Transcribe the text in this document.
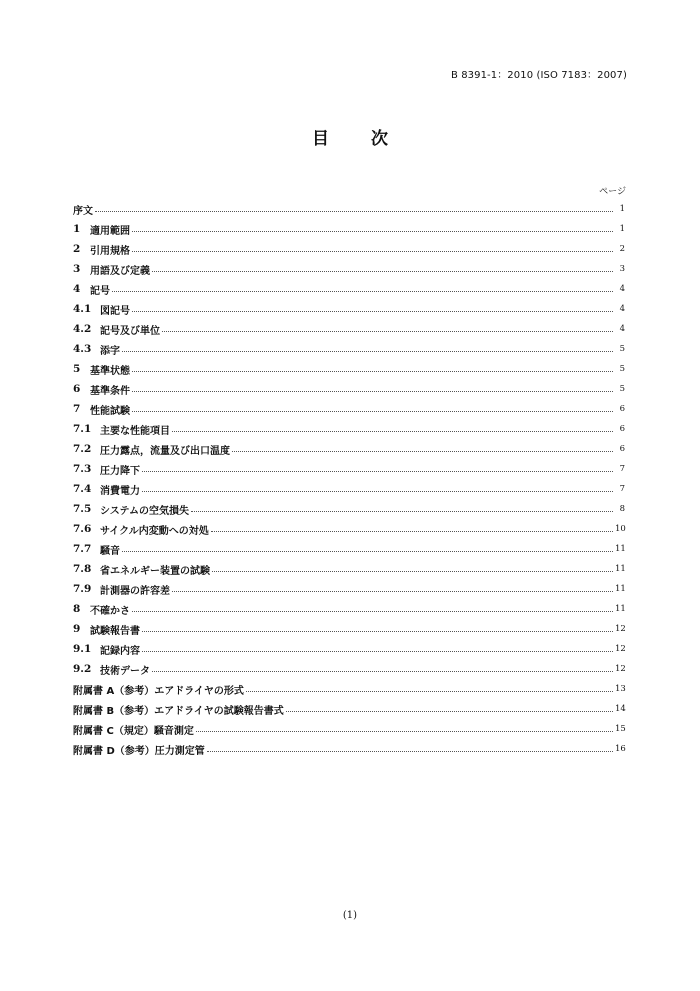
B 8391-1：2010 (ISO 7183：2007)
目 次
ページ
序文	1
1 適用範囲	1
2 引用規格	2
3 用語及び定義	3
4 記号	4
4.1 図記号	4
4.2 記号及び単位	4
4.3 添字	5
5 基準状態	5
6 基準条件	5
7 性能試験	6
7.1 主要な性能項目	6
7.2 圧力露点，流量及び出口温度	6
7.3 圧力降下	7
7.4 消費電力	7
7.5 システムの空気損失	8
7.6 サイクル内変動への対処	10
7.7 騒音	11
7.8 省エネルギー装置の試験	11
7.9 計測器の許容差	11
8 不確かさ	11
9 試験報告書	12
9.1 記録内容	12
9.2 技術データ	12
附属書 A（参考）エアドライヤの形式	13
附属書 B（参考）エアドライヤの試験報告書式	14
附属書 C（規定）騒音測定	15
附属書 D（参考）圧力測定管	16
(1)
